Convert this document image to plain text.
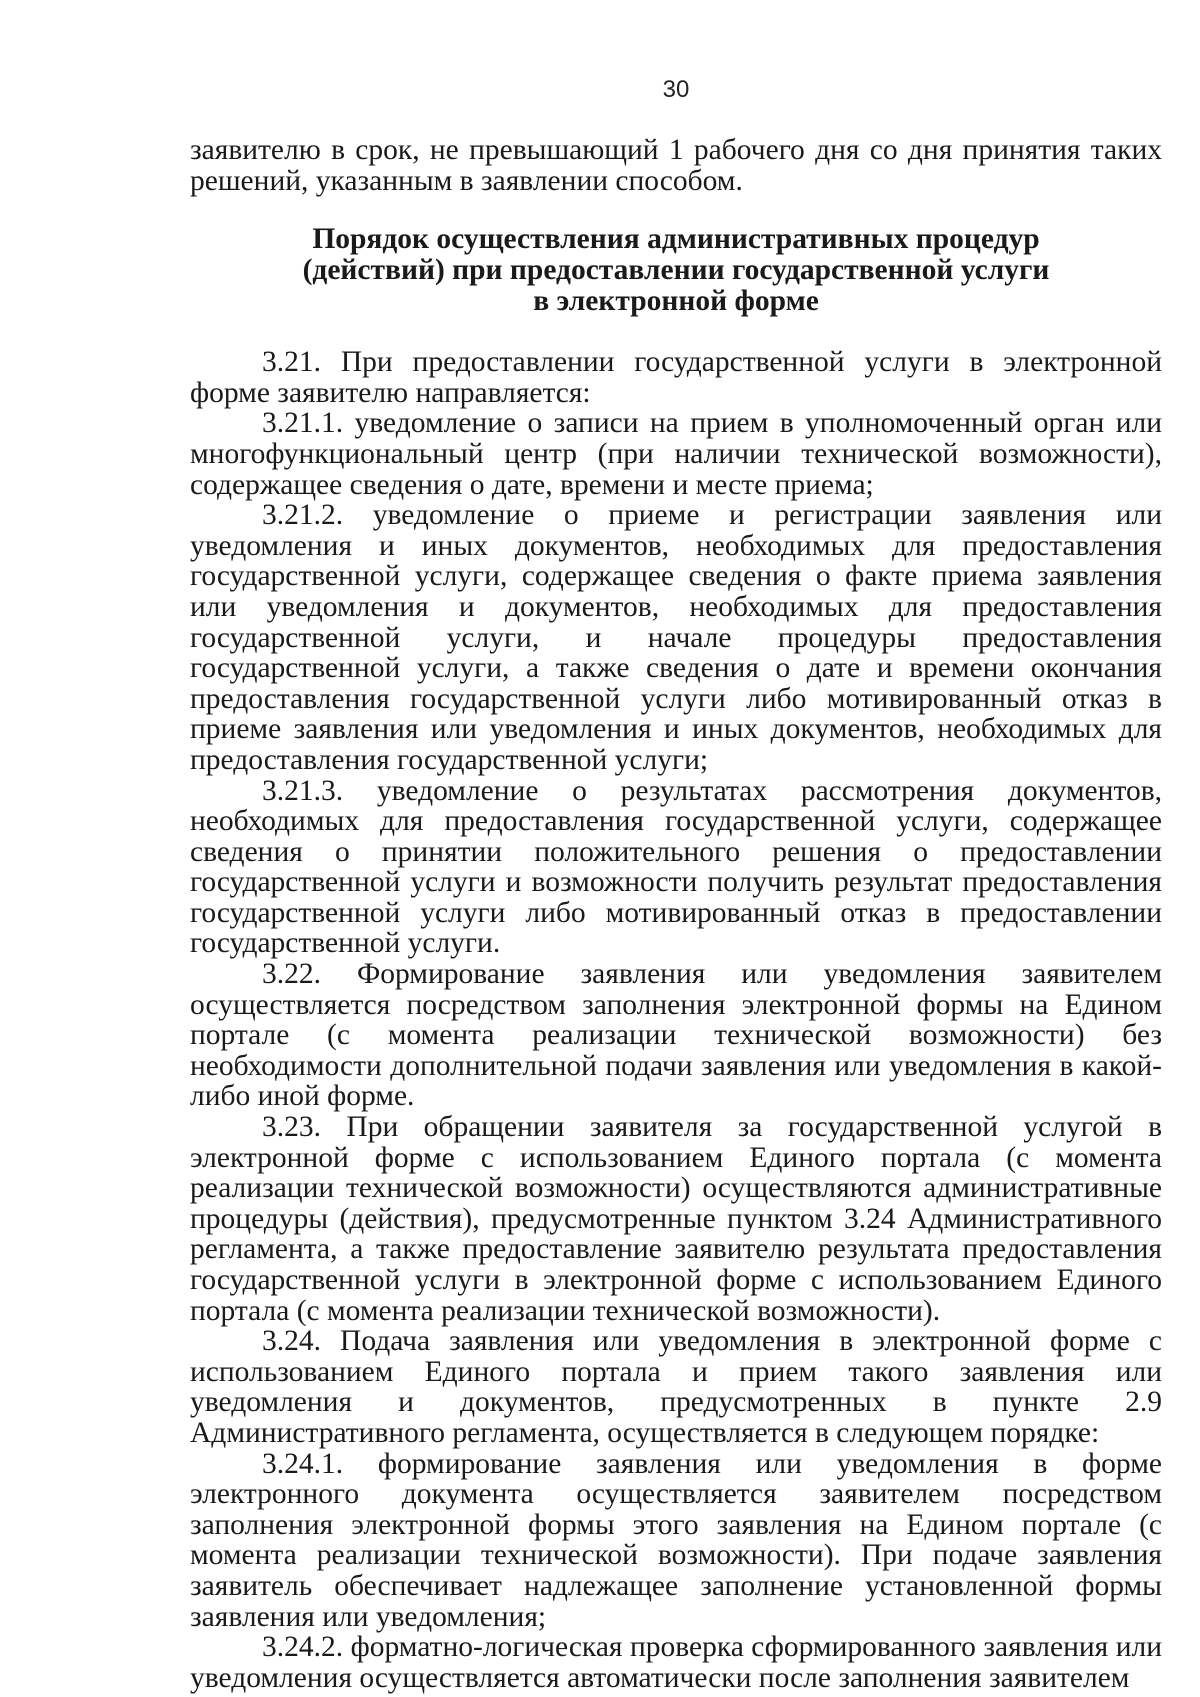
30

заявителю в срок, не превышающий 1 рабочего дня со дня принятия таких решений, указанным в заявлении способом.

Порядок осуществления административных процедур
(действий) при предоставлении государственной услуги
в электронной форме

3.21. При предоставлении государственной услуги в электронной форме заявителю направляется:

3.21.1. уведомление о записи на прием в уполномоченный орган или многофункциональный центр (при наличии технической возможности), содержащее сведения о дате, времени и месте приема;

3.21.2. уведомление о приеме и регистрации заявления или уведомления и иных документов, необходимых для предоставления государственной услуги, содержащее сведения о факте приема заявления или уведомления и документов, необходимых для предоставления государственной услуги, и начале процедуры предоставления государственной услуги, а также сведения о дате и времени окончания предоставления государственной услуги либо мотивированный отказ в приеме заявления или уведомления и иных документов, необходимых для предоставления государственной услуги;

3.21.3. уведомление о результатах рассмотрения документов, необходимых для предоставления государственной услуги, содержащее сведения о принятии положительного решения о предоставлении государственной услуги и возможности получить результат предоставления государственной услуги либо мотивированный отказ в предоставлении государственной услуги.

3.22. Формирование заявления или уведомления заявителем осуществляется посредством заполнения электронной формы на Едином портале (с момента реализации технической возможности) без необходимости дополнительной подачи заявления или уведомления в какой-либо иной форме.

3.23. При обращении заявителя за государственной услугой в электронной форме с использованием Единого портала (с момента реализации технической возможности) осуществляются административные процедуры (действия), предусмотренные пунктом 3.24 Административного регламента, а также предоставление заявителю результата предоставления государственной услуги в электронной форме с использованием Единого портала (с момента реализации технической возможности).

3.24. Подача заявления или уведомления в электронной форме с использованием Единого портала и прием такого заявления или уведомления и документов, предусмотренных в пункте 2.9 Административного регламента, осуществляется в следующем порядке:

3.24.1. формирование заявления или уведомления в форме электронного документа осуществляется заявителем посредством заполнения электронной формы этого заявления на Едином портале (с момента реализации технической возможности). При подаче заявления заявитель обеспечивает надлежащее заполнение установленной формы заявления или уведомления;

3.24.2. форматно-логическая проверка сформированного заявления или уведомления осуществляется автоматически после заполнения заявителем
